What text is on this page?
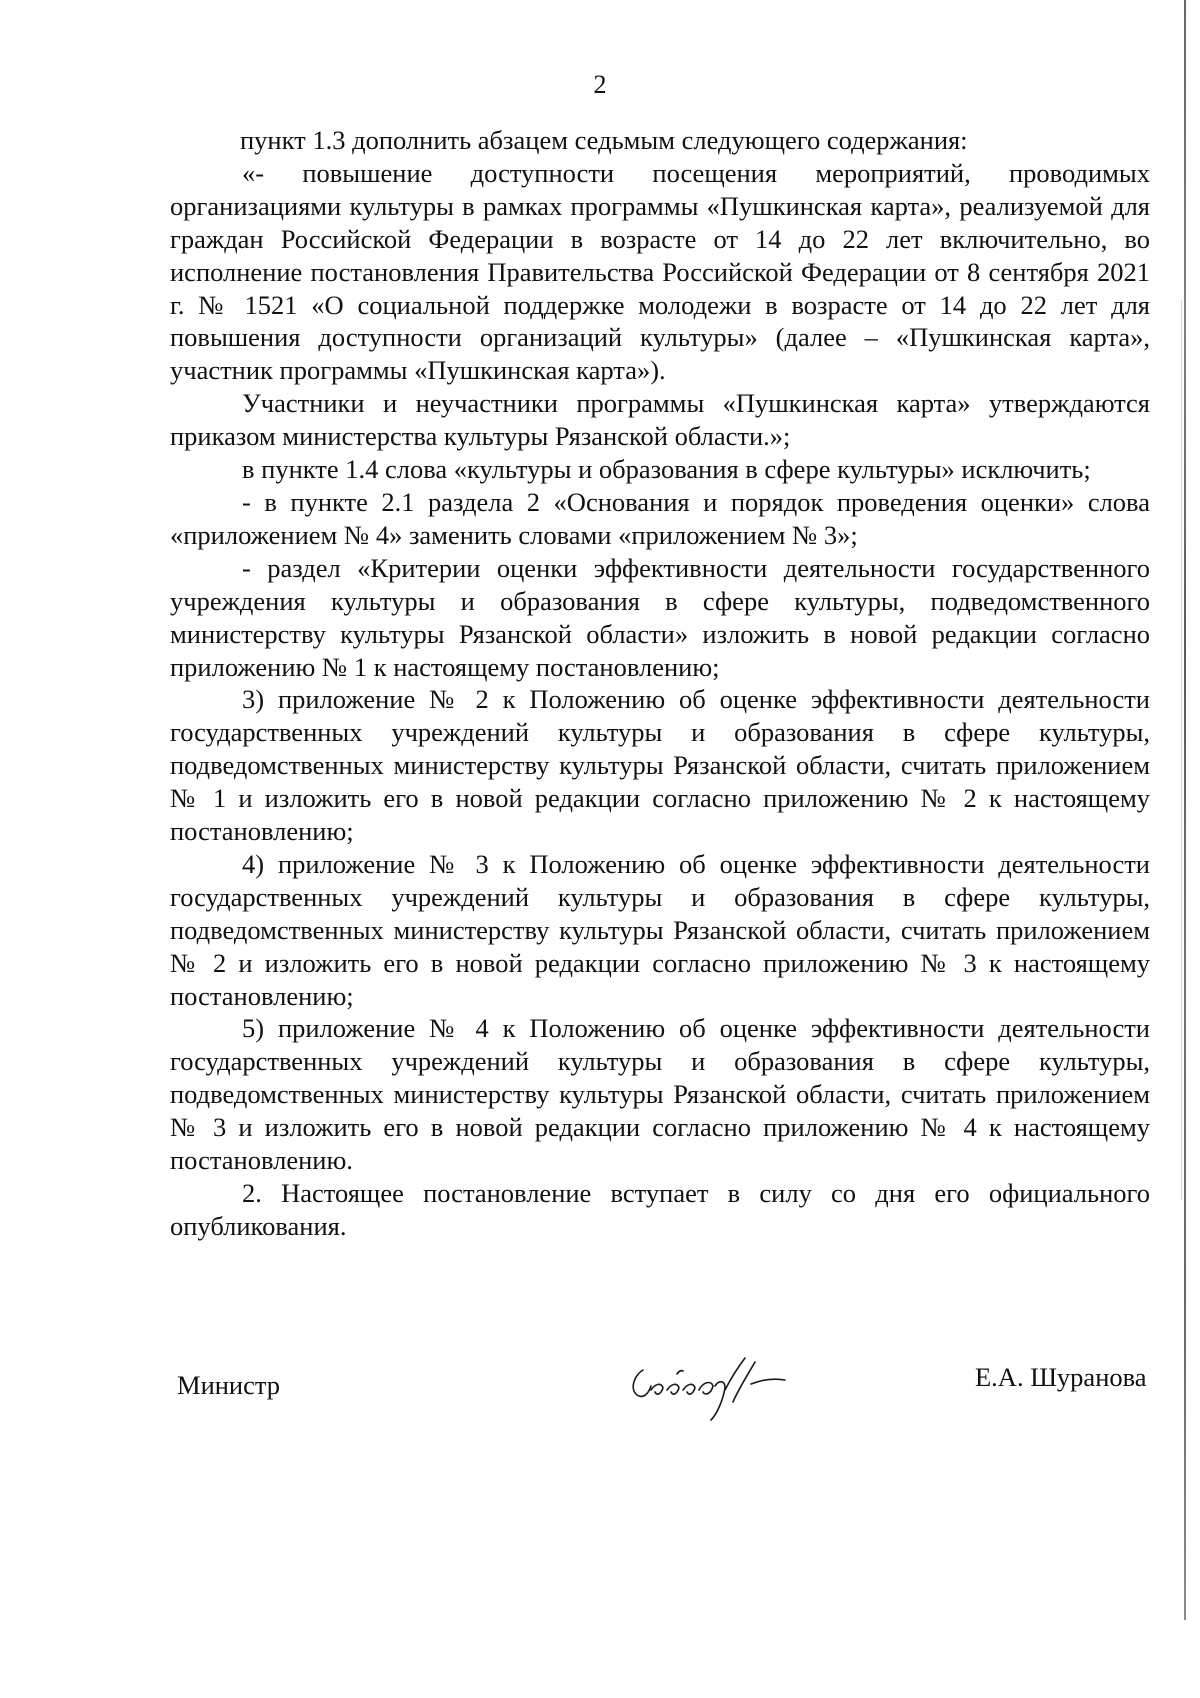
2

пункт 1.3 дополнить абзацем седьмым следующего содержания:

«- повышение доступности посещения мероприятий, проводимых организациями культуры в рамках программы «Пушкинская карта», реализуемой для граждан Российской Федерации в возрасте от 14 до 22 лет включительно, во исполнение постановления Правительства Российской Федерации от 8 сентября 2021 г. № 1521 «О социальной поддержке молодежи в возрасте от 14 до 22 лет для повышения доступности организаций культуры» (далее – «Пушкинская карта», участник программы «Пушкинская карта»).

Участники и неучастники программы «Пушкинская карта» утверждаются приказом министерства культуры Рязанской области.»;

в пункте 1.4 слова «культуры и образования в сфере культуры» исключить;

- в пункте 2.1 раздела 2 «Основания и порядок проведения оценки» слова «приложением № 4» заменить словами «приложением № 3»;

- раздел «Критерии оценки эффективности деятельности государственного учреждения культуры и образования в сфере культуры, подведомственного министерству культуры Рязанской области» изложить в новой редакции согласно приложению № 1 к настоящему постановлению;

3) приложение № 2 к Положению об оценке эффективности деятельности государственных учреждений культуры и образования в сфере культуры, подведомственных министерству культуры Рязанской области, считать приложением № 1 и изложить его в новой редакции согласно приложению № 2 к настоящему постановлению;

4) приложение № 3 к Положению об оценке эффективности деятельности государственных учреждений культуры и образования в сфере культуры, подведомственных министерству культуры Рязанской области, считать приложением № 2 и изложить его в новой редакции согласно приложению № 3 к настоящему постановлению;

5) приложение № 4 к Положению об оценке эффективности деятельности государственных учреждений культуры и образования в сфере культуры, подведомственных министерству культуры Рязанской области, считать приложением № 3 и изложить его в новой редакции согласно приложению № 4 к настоящему постановлению.

2. Настоящее постановление вступает в силу со дня его официального опубликования.

Министр	Е.А. Шуранова
